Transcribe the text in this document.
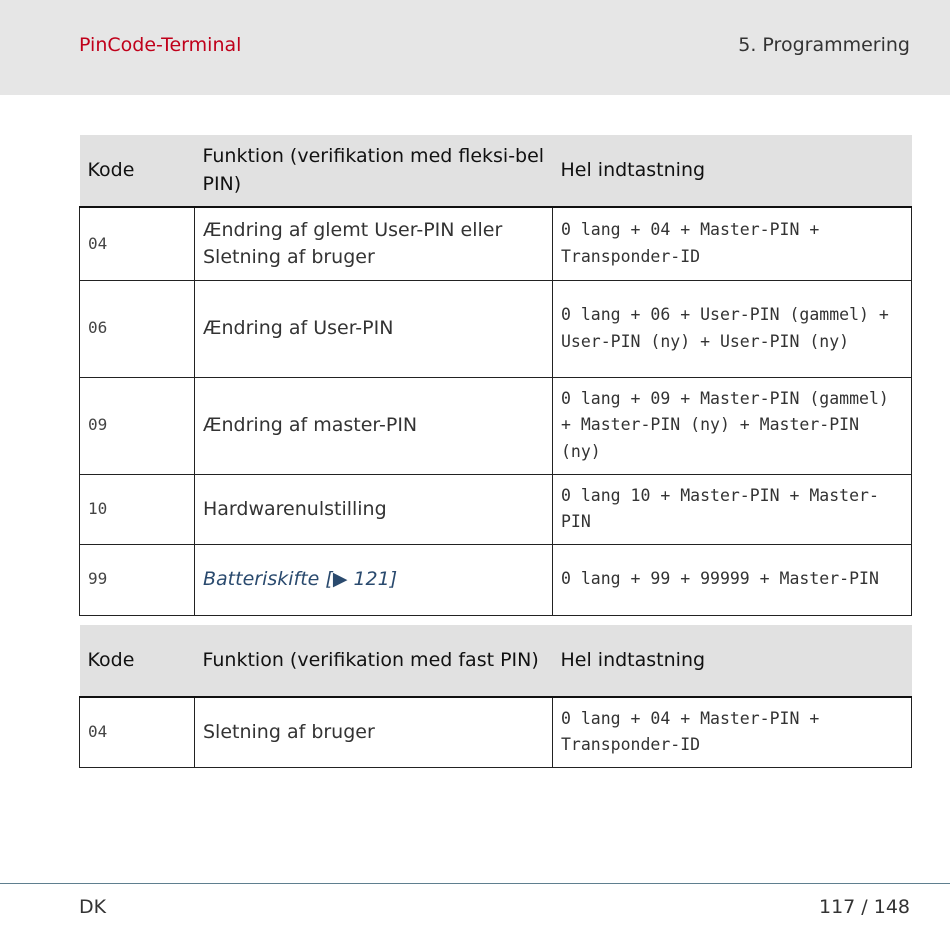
PinCode-Terminal	5. Programmering
Kode	Funktion (verifikation med fleksi-bel PIN)	Hel indtastning
04	Ændring af glemt User-PIN eller Sletning af bruger	0 lang + 04 + Master-PIN + Transponder-ID
06	Ændring af User-PIN	0 lang + 06 + User-PIN (gammel) + User-PIN (ny) + User-PIN (ny)
09	Ændring af master-PIN	0 lang + 09 + Master-PIN (gammel) + Master-PIN (ny) + Master-PIN (ny)
10	Hardwarenulstilling	0 lang 10 + Master-PIN + Master-PIN
99	Batteriskifte [▶ 121]	0 lang + 99 + 99999 + Master-PIN
Kode	Funktion (verifikation med fast PIN)	Hel indtastning
04	Sletning af bruger	0 lang + 04 + Master-PIN + Transponder-ID
DK	117 / 148
